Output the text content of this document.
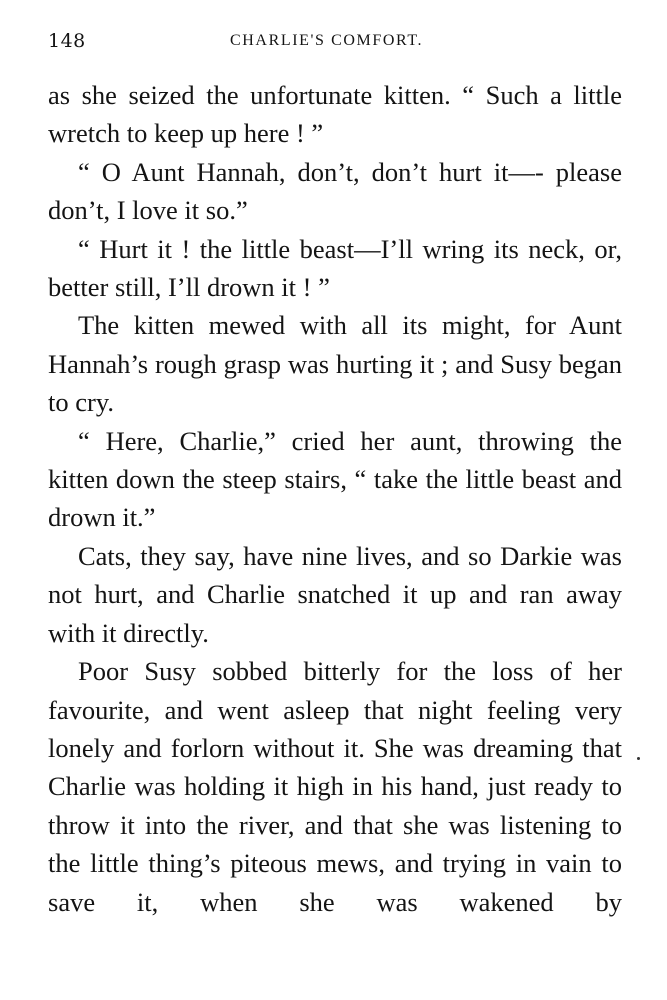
148	CHARLIE'S COMFORT.

as she seized the unfortunate kitten. “ Such a little wretch to keep up here ! ”

“ O Aunt Hannah, don’t, don’t hurt it—- please don’t, I love it so.”

“ Hurt it ! the little beast—I’ll wring its neck, or, better still, I’ll drown it ! ”

The kitten mewed with all its might, for Aunt Hannah’s rough grasp was hurting it ; and Susy began to cry.

“ Here, Charlie,” cried her aunt, throwing the kitten down the steep stairs, “ take the little beast and drown it.”

Cats, they say, have nine lives, and so Darkie was not hurt, and Charlie snatched it up and ran away with it directly.

Poor Susy sobbed bitterly for the loss of her favourite, and went asleep that night feeling very lonely and forlorn without it. She was dreaming that Charlie was holding it high in his hand, just ready to throw it into the river, and that she was listening to the little thing’s piteous mews, and trying in vain to save it, when she was wakened by
